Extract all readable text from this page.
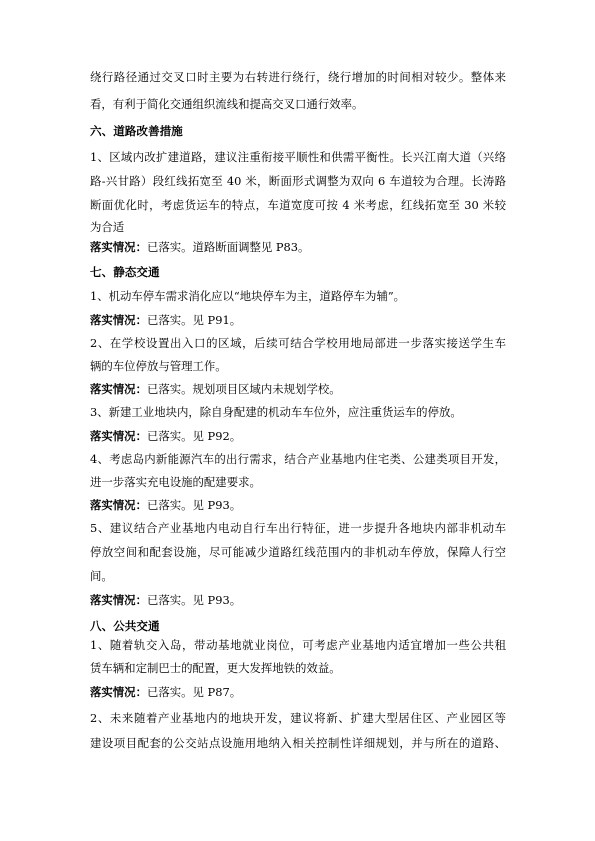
绕行路径通过交叉口时主要为右转进行绕行，绕行增加的时间相对较少。整体来
看，有利于简化交通组织流线和提高交叉口通行效率。
六、道路改善措施
1、区域内改扩建道路，建议注重衔接平顺性和供需平衡性。长兴江南大道（兴络
路-兴甘路）段红线拓宽至 40 米，断面形式调整为双向 6 车道较为合理。长涛路
断面优化时，考虑货运车的特点，车道宽度可按 4 米考虑，红线拓宽至 30 米较
为合适
落实情况：已落实。道路断面调整见 P83。
七、静态交通
1、机动车停车需求消化应以“地块停车为主，道路停车为辅”。
落实情况：已落实。见 P91。
2、在学校设置出入口的区域，后续可结合学校用地局部进一步落实接送学生车
辆的车位停放与管理工作。
落实情况：已落实。规划项目区域内未规划学校。
3、新建工业地块内，除自身配建的机动车车位外，应注重货运车的停放。
落实情况：已落实。见 P92。
4、考虑岛内新能源汽车的出行需求，结合产业基地内住宅类、公建类项目开发，
进一步落实充电设施的配建要求。
落实情况：已落实。见 P93。
5、建议结合产业基地内电动自行车出行特征，进一步提升各地块内部非机动车
停放空间和配套设施，尽可能减少道路红线范围内的非机动车停放，保障人行空
间。
落实情况：已落实。见 P93。
八、公共交通
1、随着轨交入岛，带动基地就业岗位，可考虑产业基地内适宜增加一些公共租
赁车辆和定制巴士的配置，更大发挥地铁的效益。
落实情况：已落实。见 P87。
2、未来随着产业基地内的地块开发，建议将新、扩建大型居住区、产业园区等
建设项目配套的公交站点设施用地纳入相关控制性详细规划，并与所在的道路、
